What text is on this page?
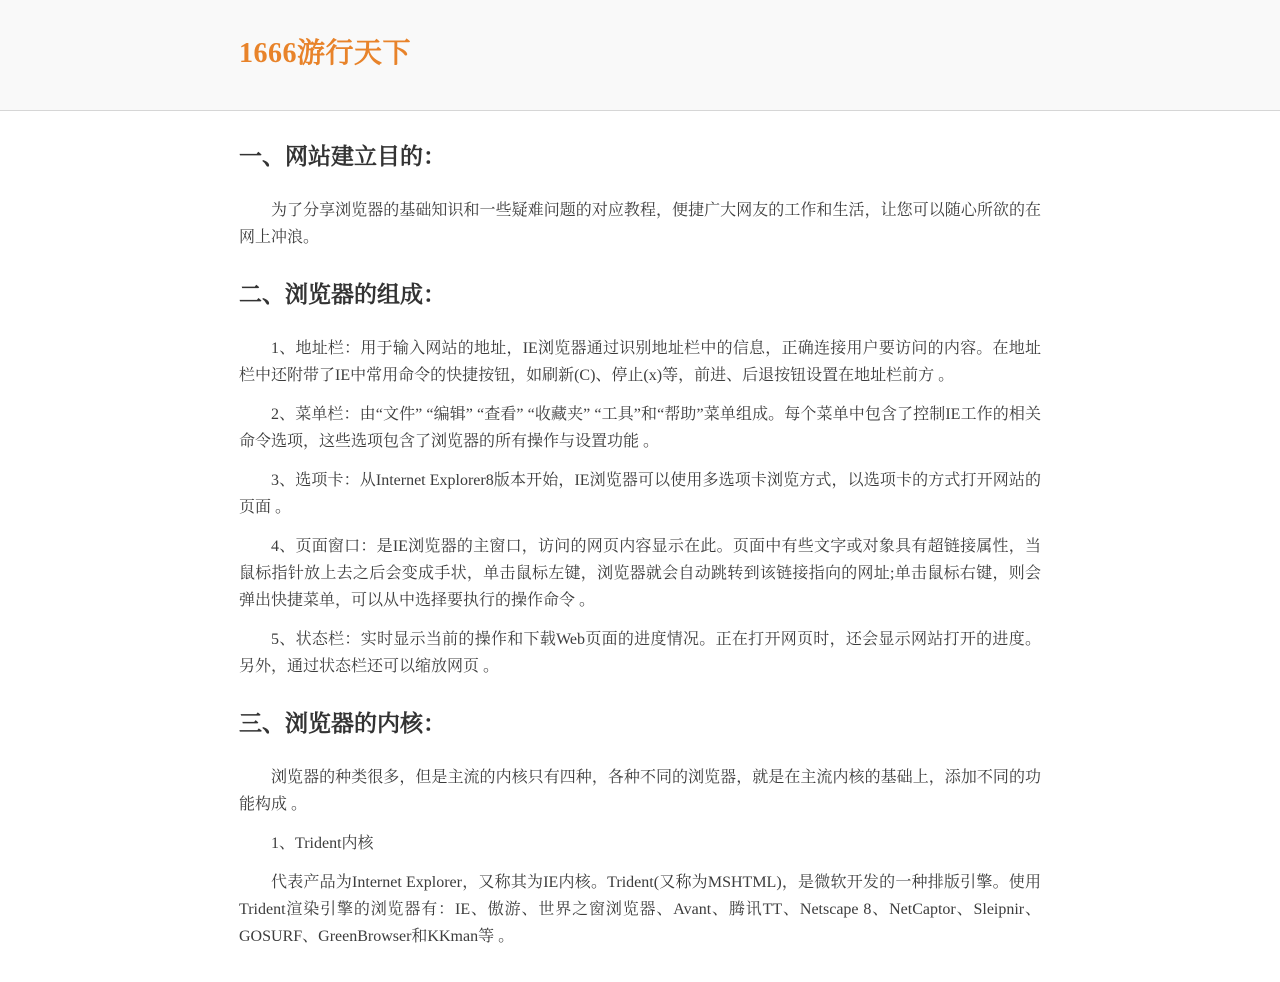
1666游行天下
一、网站建立目的：

为了分享浏览器的基础知识和一些疑难问题的对应教程，便捷广大网友的工作和生活，让您可以随心所欲的在网上冲浪。

二、浏览器的组成：

1、地址栏：用于输入网站的地址，IE浏览器通过识别地址栏中的信息，正确连接用户要访问的内容。在地址栏中还附带了IE中常用命令的快捷按钮，如刷新(C)、停止(x)等，前进、后退按钮设置在地址栏前方 。

2、菜单栏：由“文件” “编辑” “查看” “收藏夹” “工具”和“帮助”菜单组成。每个菜单中包含了控制IE工作的相关命令选项，这些选项包含了浏览器的所有操作与设置功能 。

3、选项卡：从Internet Explorer8版本开始，IE浏览器可以使用多选项卡浏览方式，以选项卡的方式打开网站的页面 。

4、页面窗口：是IE浏览器的主窗口，访问的网页内容显示在此。页面中有些文字或对象具有超链接属性，当鼠标指针放上去之后会变成手状，单击鼠标左键，浏览器就会自动跳转到该链接指向的网址;单击鼠标右键，则会弹出快捷菜单，可以从中选择要执行的操作命令 。

5、状态栏：实时显示当前的操作和下载Web页面的进度情况。正在打开网页时，还会显示网站打开的进度。另外，通过状态栏还可以缩放网页 。

三、浏览器的内核：

浏览器的种类很多，但是主流的内核只有四种，各种不同的浏览器，就是在主流内核的基础上，添加不同的功能构成 。

1、Trident内核

代表产品为Internet Explorer，又称其为IE内核。Trident(又称为MSHTML)，是微软开发的一种排版引擎。使用Trident渲染引擎的浏览器有：IE、傲游、世界之窗浏览器、Avant、腾讯TT、Netscape 8、NetCaptor、Sleipnir、GOSURF、GreenBrowser和KKman等 。
